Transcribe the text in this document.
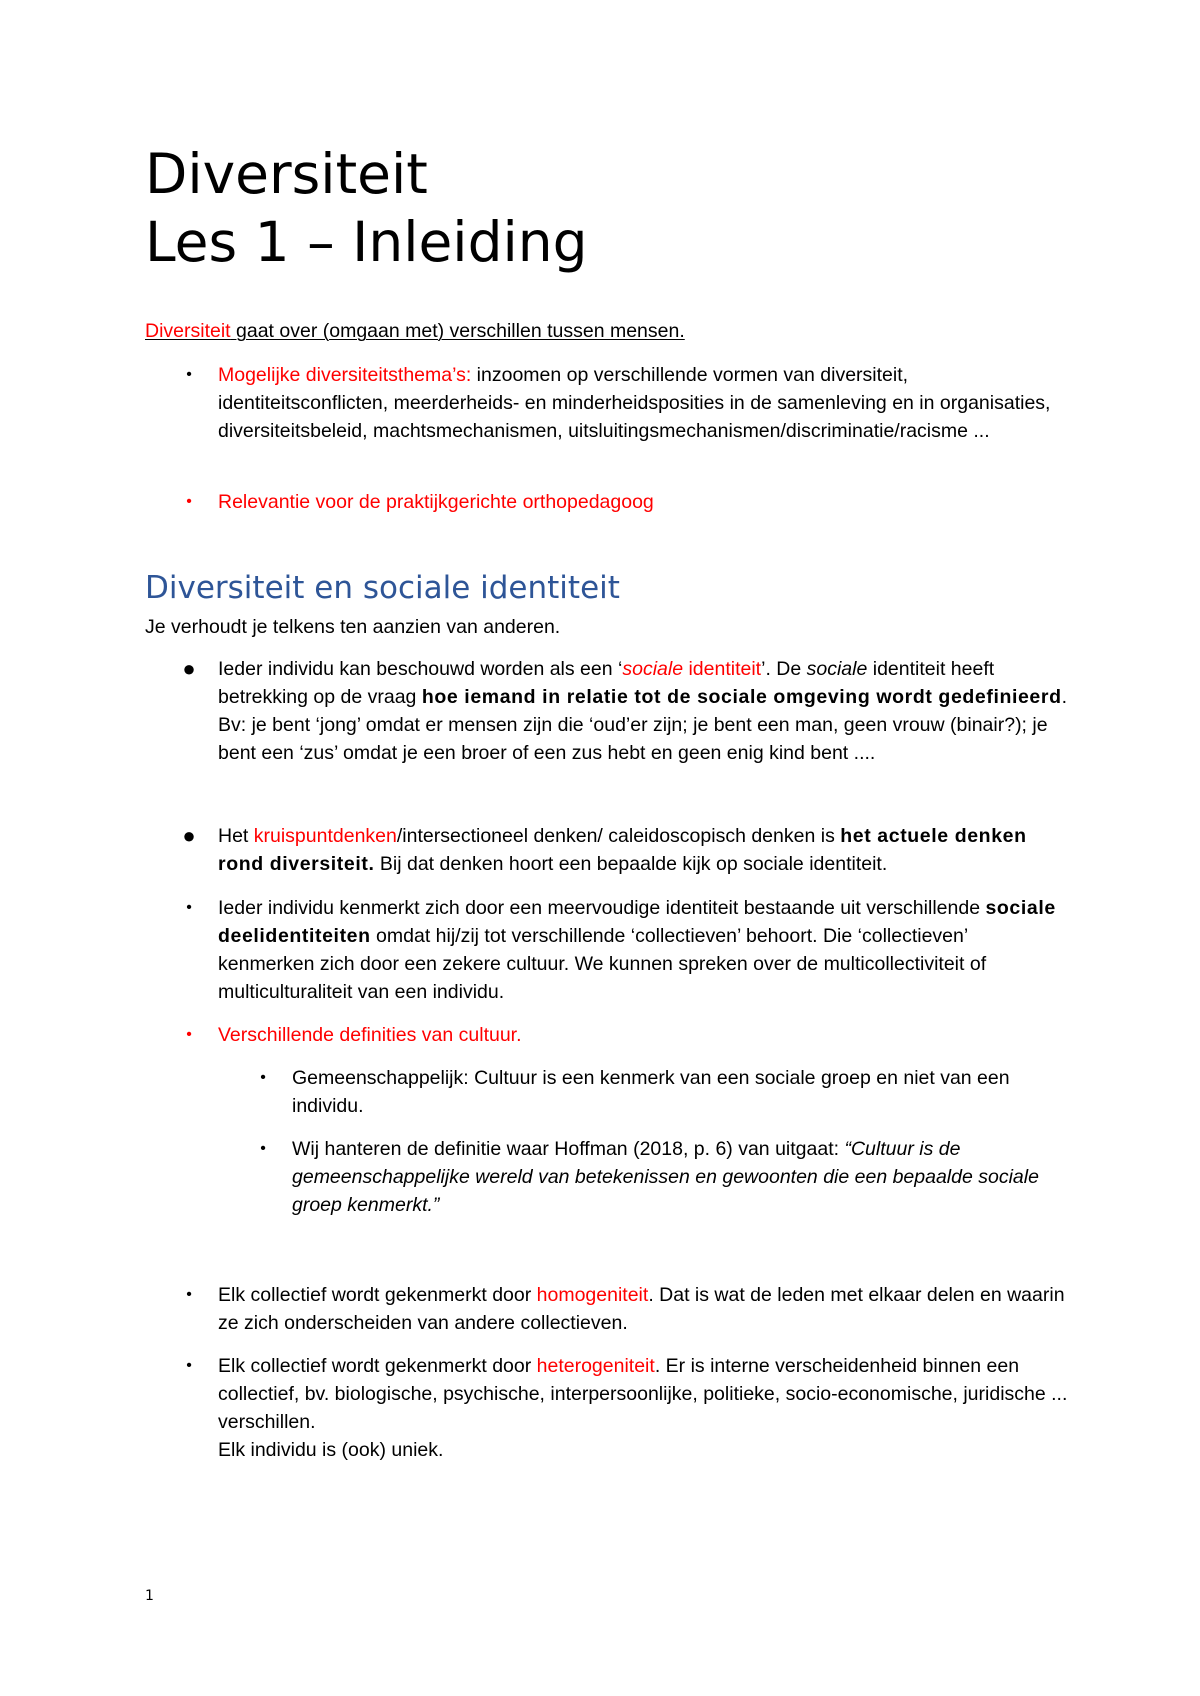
Diversiteit
Les 1 – Inleiding

Diversiteit gaat over (omgaan met) verschillen tussen mensen.

• Mogelijke diversiteitsthema’s: inzoomen op verschillende vormen van diversiteit, identiteitsconflicten, meerderheids- en minderheidsposities in de samenleving en in organisaties, diversiteitsbeleid, machtsmechanismen, uitsluitingsmechanismen/discriminatie/racisme ...
• Relevantie voor de praktijkgerichte orthopedagoog
Diversiteit en sociale identiteit

Je verhoudt je telkens ten aanzien van anderen.

● Ieder individu kan beschouwd worden als een ‘sociale identiteit’. De sociale identiteit heeft betrekking op de vraag hoe iemand in relatie tot de sociale omgeving wordt gedefinieerd. Bv: je bent ‘jong’ omdat er mensen zijn die ‘oud’er zijn; je bent een man, geen vrouw (binair?); je bent een ‘zus’ omdat je een broer of een zus hebt en geen enig kind bent ....
● Het kruispuntdenken/intersectioneel denken/ caleidoscopisch denken is het actuele denken rond diversiteit. Bij dat denken hoort een bepaalde kijk op sociale identiteit.
• Ieder individu kenmerkt zich door een meervoudige identiteit bestaande uit verschillende sociale deelidentiteiten omdat hij/zij tot verschillende ‘collectieven’ behoort. Die ‘collectieven’ kenmerken zich door een zekere cultuur. We kunnen spreken over de multicollectiviteit of multiculturaliteit van een individu.
• Verschillende definities van cultuur.
• Gemeenschappelijk: Cultuur is een kenmerk van een sociale groep en niet van een individu.
• Wij hanteren de definitie waar Hoffman (2018, p. 6) van uitgaat: “Cultuur is de gemeenschappelijke wereld van betekenissen en gewoonten die een bepaalde sociale groep kenmerkt.”
• Elk collectief wordt gekenmerkt door homogeniteit. Dat is wat de leden met elkaar delen en waarin ze zich onderscheiden van andere collectieven.
• Elk collectief wordt gekenmerkt door heterogeniteit. Er is interne verscheidenheid binnen een collectief, bv. biologische, psychische, interpersoonlijke, politieke, socio-economische, juridische ... verschillen.
Elk individu is (ook) uniek.
1
